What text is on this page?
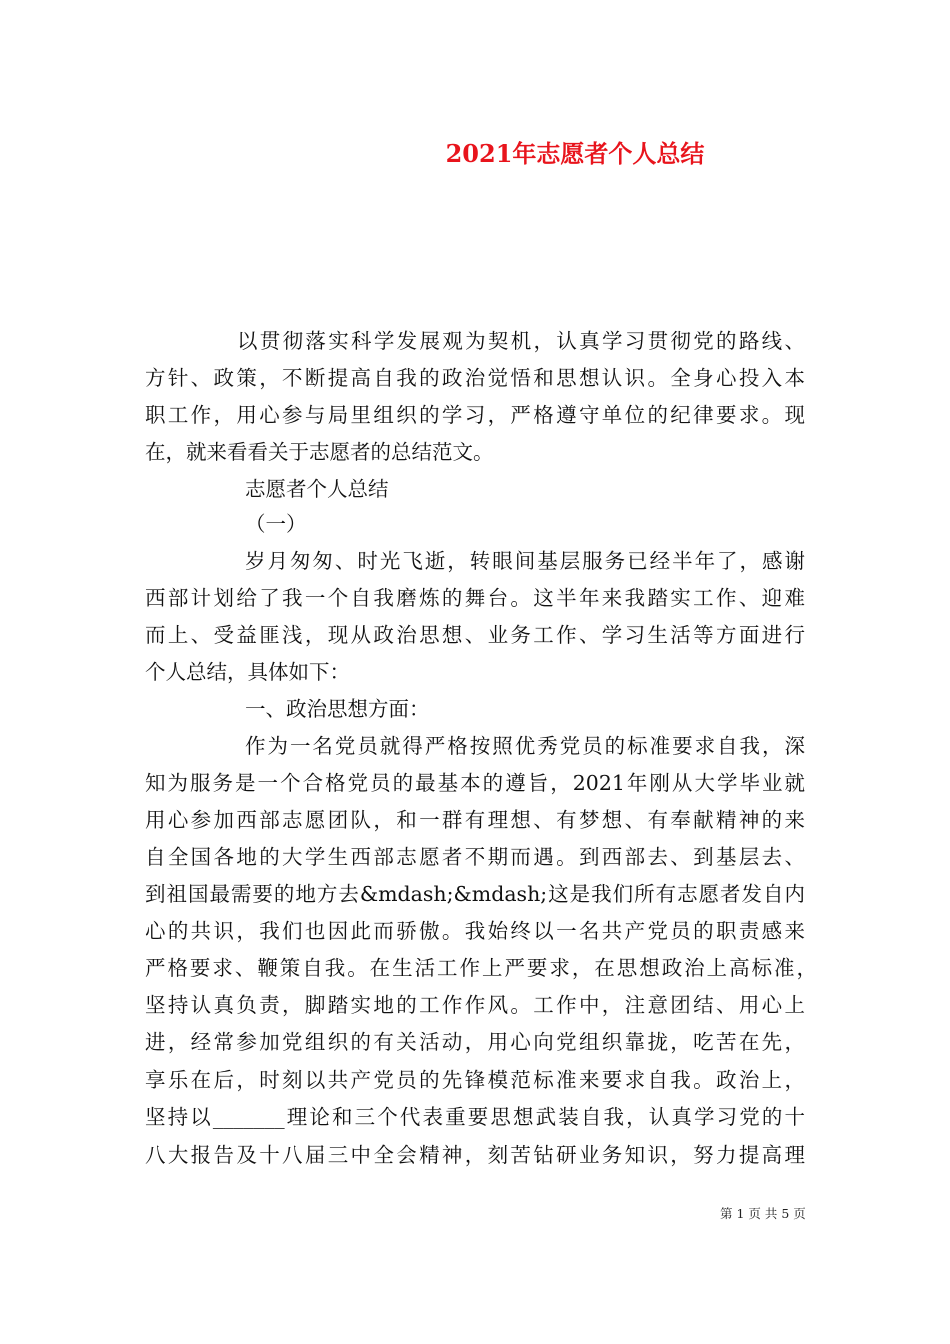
2021年志愿者个人总结
以贯彻落实科学发展观为契机，认真学习贯彻党的路线、
方针、政策，不断提高自我的政治觉悟和思想认识。全身心投入本
职工作，用心参与局里组织的学习，严格遵守单位的纪律要求。现
在，就来看看关于志愿者的总结范文。
志愿者个人总结
（一）
岁月匆匆、时光飞逝，转眼间基层服务已经半年了，感谢
西部计划给了我一个自我磨炼的舞台。这半年来我踏实工作、迎难
而上、受益匪浅，现从政治思想、业务工作、学习生活等方面进行
个人总结，具体如下：
一、政治思想方面：
作为一名党员就得严格按照优秀党员的标准要求自我，深
知为服务是一个合格党员的最基本的遵旨，2021年刚从大学毕业就
用心参加西部志愿团队，和一群有理想、有梦想、有奉献精神的来
自全国各地的大学生西部志愿者不期而遇。到西部去、到基层去、
到祖国最需要的地方去&mdash;&mdash;这是我们所有志愿者发自内
心的共识，我们也因此而骄傲。我始终以一名共产党员的职责感来
严格要求、鞭策自我。在生活工作上严要求，在思想政治上高标准，
坚持认真负责，脚踏实地的工作作风。工作中，注意团结、用心上
进，经常参加党组织的有关活动，用心向党组织靠拢，吃苦在先，
享乐在后，时刻以共产党员的先锋模范标准来要求自我。政治上，
坚持以_______理论和三个代表重要思想武装自我，认真学习党的十
八大报告及十八届三中全会精神，刻苦钻研业务知识，努力提高理
第 1 页 共 5 页
